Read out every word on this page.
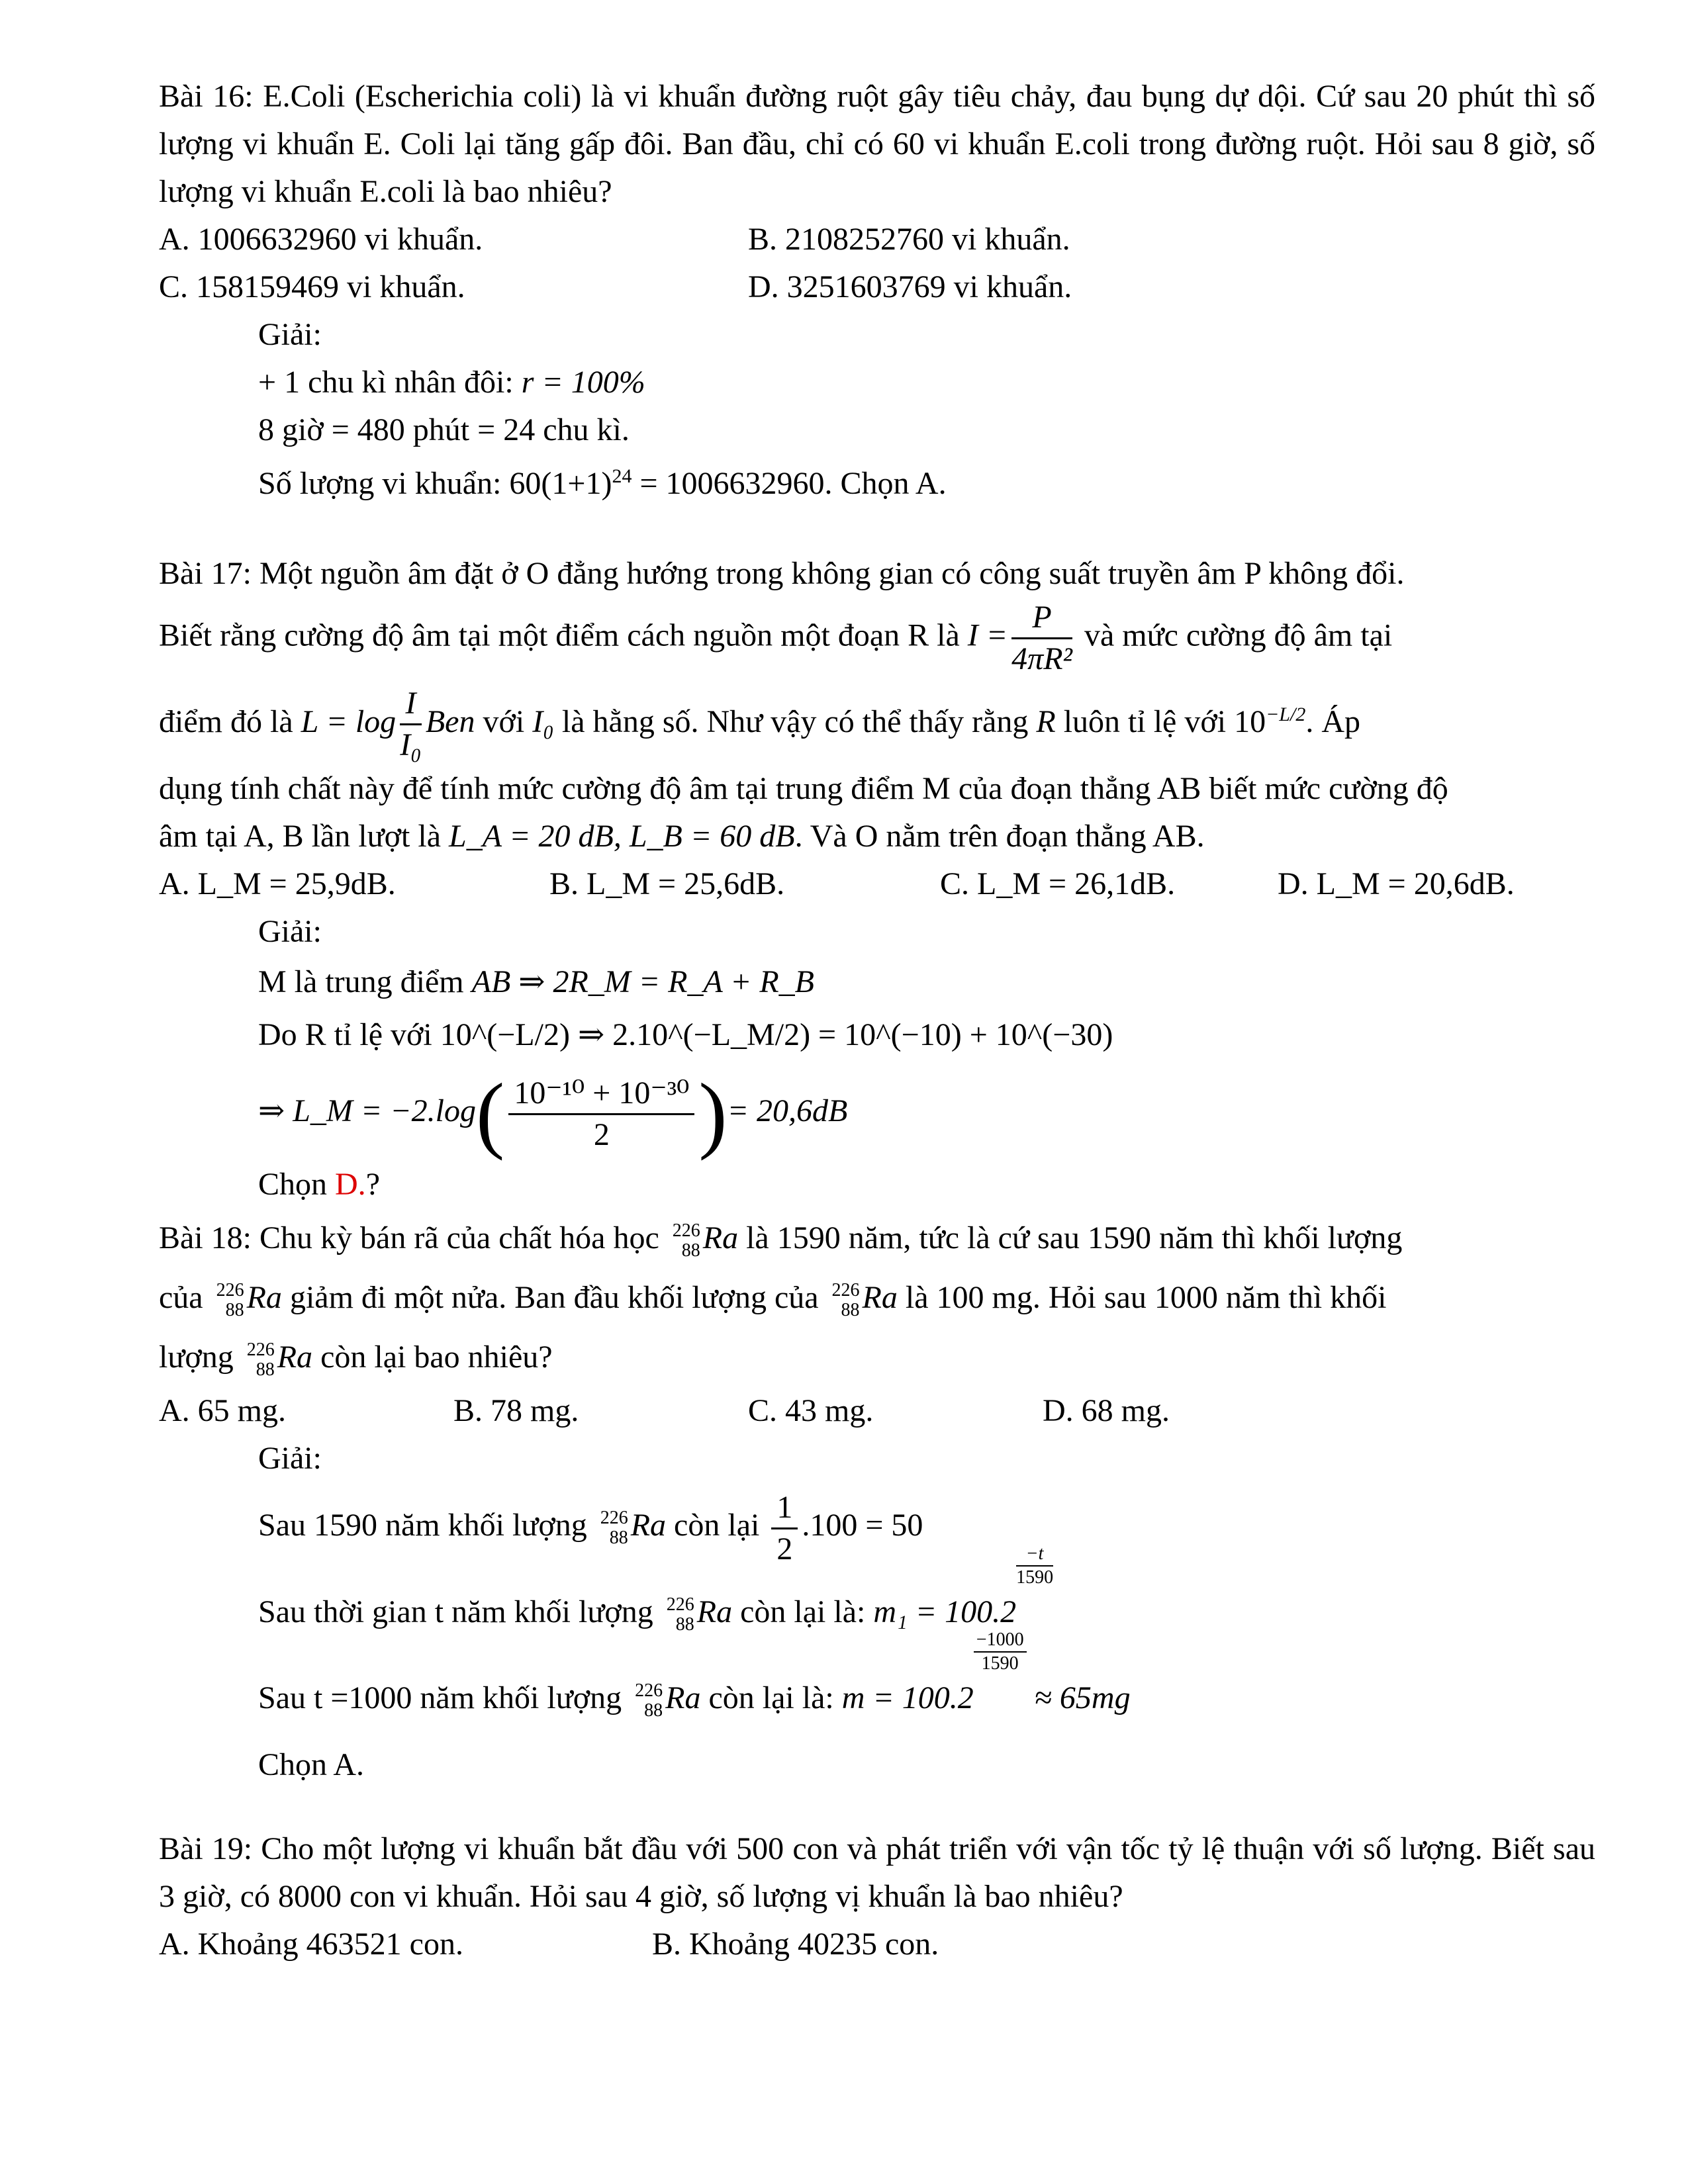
Bài 16: E.Coli (Escherichia coli) là vi khuẩn đường ruột gây tiêu chảy, đau bụng dự dội. Cứ sau 20 phút thì số lượng vi khuẩn E. Coli lại tăng gấp đôi. Ban đầu, chỉ có 60 vi khuẩn E.coli trong đường ruột. Hỏi sau 8 giờ, số lượng vi khuẩn E.coli là bao nhiêu?

A. 1006632960 vi khuẩn.	B. 2108252760 vi khuẩn.
C. 158159469 vi khuẩn.	D. 3251603769 vi khuẩn.

Giải:

+ 1 chu kì nhân đôi: r = 100%

8 giờ = 480 phút = 24 chu kì.

Số lượng vi khuẩn: $60(1+1)^{24} = 1006632960$. Chọn A.

Bài 17: Một nguồn âm đặt ở O đẳng hướng trong không gian có công suất truyền âm P không đổi.

Biết rằng cường độ âm tại một điểm cách nguồn một đoạn R là $I = \frac{P}{\text{4πR²}}$ và mức cường độ âm tại

điểm đó là $L = \log \frac{I}{\text{I₀}}$ Ben với I₀ là hằng số. Như vậy có thể thấy rằng R luôn tỉ lệ với $10^{-L/2}$. Áp

dụng tính chất này để tính mức cường độ âm tại trung điểm M của đoạn thẳng AB biết mức cường độ

âm tại A, B lần lượt là L_A = 20 dB, L_B = 60 dB. Và O nằm trên đoạn thẳng AB.

A. L_M = 25,9dB.	B. L_M = 25,6dB.	C. L_M = 26,1dB.	D. L_M = 20,6dB.

Giải:

M là trung điểm AB ⇒ 2R_M = R_A + R_B

Do R tỉ lệ với 10^(−L/2) ⇒ 2.10^(−L_M/2) = 10^(−10) + 10^(−30)

⇒ L_M = $-2.\log( \frac{\text{10⁻¹⁰ + 10⁻³⁰}}{2}$ )= 20,6dB

Chọn D.?

Bài 18: Chu kỳ bán rã của chất hóa học 226
88 Ra là 1590 năm, tức là cứ sau 1590 năm thì khối lượng

của 226
88 Ra giảm đi một nửa. Ban đầu khối lượng của 226
88 Ra là 100 mg. Hỏi sau 1000 năm thì khối

lượng 226
88 Ra còn lại bao nhiêu?

A. 65 mg.	B. 78 mg.	C. 43 mg.	D. 68 mg.

Giải:

Sau 1590 năm khối lượng 226
88 Ra còn lại $\frac{1}{2} .100 = 50$

Sau thời gian t năm khối lượng 226
88 Ra còn lại là: m₁ = 100.2
$\frac{-t}{1590}$

Sau t =1000 năm khối lượng 226
88 Ra còn lại là: m = 100.2
$\frac{-1000}{1590}$
≈ 65mg

Chọn A.

Bài 19: Cho một lượng vi khuẩn bắt đầu với 500 con và phát triển với vận tốc tỷ lệ thuận với số lượng. Biết sau 3 giờ, có 8000 con vi khuẩn. Hỏi sau 4 giờ, số lượng vị khuẩn là bao nhiêu?

A. Khoảng 463521 con.	B. Khoảng 40235 con.
